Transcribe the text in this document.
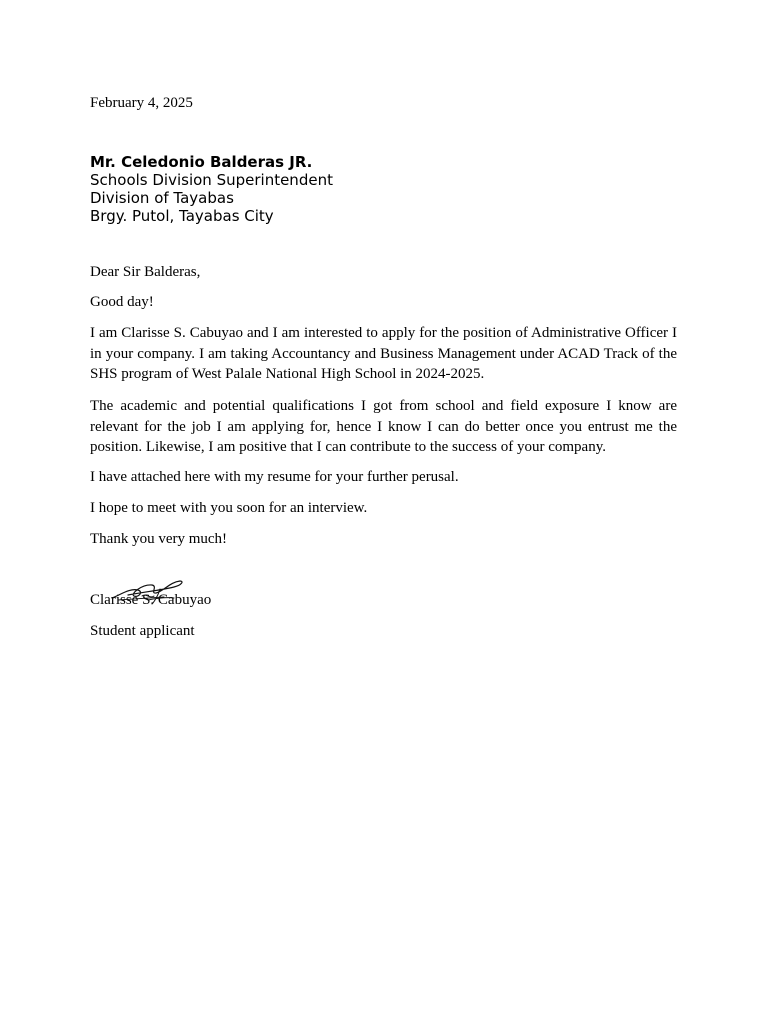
February 4, 2025

Mr. Celedonio Balderas JR.
Schools Division Superintendent
Division of Tayabas
Brgy. Putol, Tayabas City

Dear Sir Balderas,

Good day!

I am Clarisse S. Cabuyao and I am interested to apply for the position of Administrative Officer I in your company. I am taking Accountancy and Business Management under ACAD Track of the SHS program of West Palale National High School in 2024-2025.

The academic and potential qualifications I got from school and field exposure I know are relevant for the job I am applying for, hence I know I can do better once you entrust me the position. Likewise, I am positive that I can contribute to the success of your company.

I have attached here with my resume for your further perusal.

I hope to meet with you soon for an interview.

Thank you very much!

Clarisse S. Cabuyao

Student applicant
